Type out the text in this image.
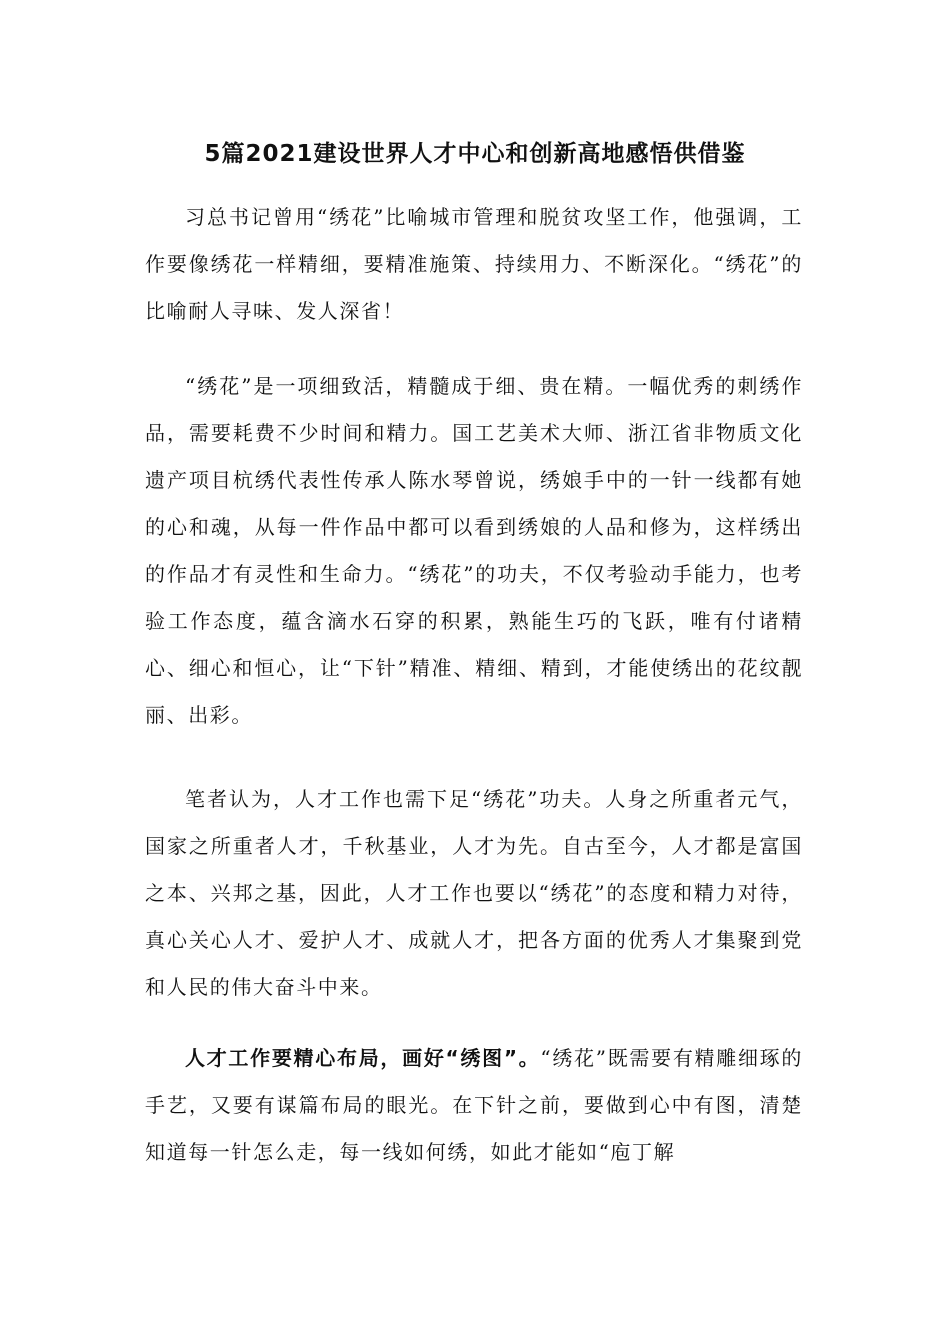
5篇2021建设世界人才中心和创新高地感悟供借鉴

习总书记曾用“绣花”比喻城市管理和脱贫攻坚工作，他强调，工作要像绣花一样精细，要精准施策、持续用力、不断深化。“绣花”的比喻耐人寻味、发人深省！

“绣花”是一项细致活，精髓成于细、贵在精。一幅优秀的刺绣作品，需要耗费不少时间和精力。国工艺美术大师、浙江省非物质文化遗产项目杭绣代表性传承人陈水琴曾说，绣娘手中的一针一线都有她的心和魂，从每一件作品中都可以看到绣娘的人品和修为，这样绣出的作品才有灵性和生命力。“绣花”的功夫，不仅考验动手能力，也考验工作态度，蕴含滴水石穿的积累，熟能生巧的飞跃，唯有付诸精心、细心和恒心，让“下针”精准、精细、精到，才能使绣出的花纹靓丽、出彩。

笔者认为，人才工作也需下足“绣花”功夫。人身之所重者元气，国家之所重者人才，千秋基业，人才为先。自古至今，人才都是富国之本、兴邦之基，因此，人才工作也要以“绣花”的态度和精力对待，真心关心人才、爱护人才、成就人才，把各方面的优秀人才集聚到党和人民的伟大奋斗中来。

人才工作要精心布局，画好“绣图”。“绣花”既需要有精雕细琢的手艺，又要有谋篇布局的眼光。在下针之前，要做到心中有图，清楚知道每一针怎么走，每一线如何绣，如此才能如“庖丁解
